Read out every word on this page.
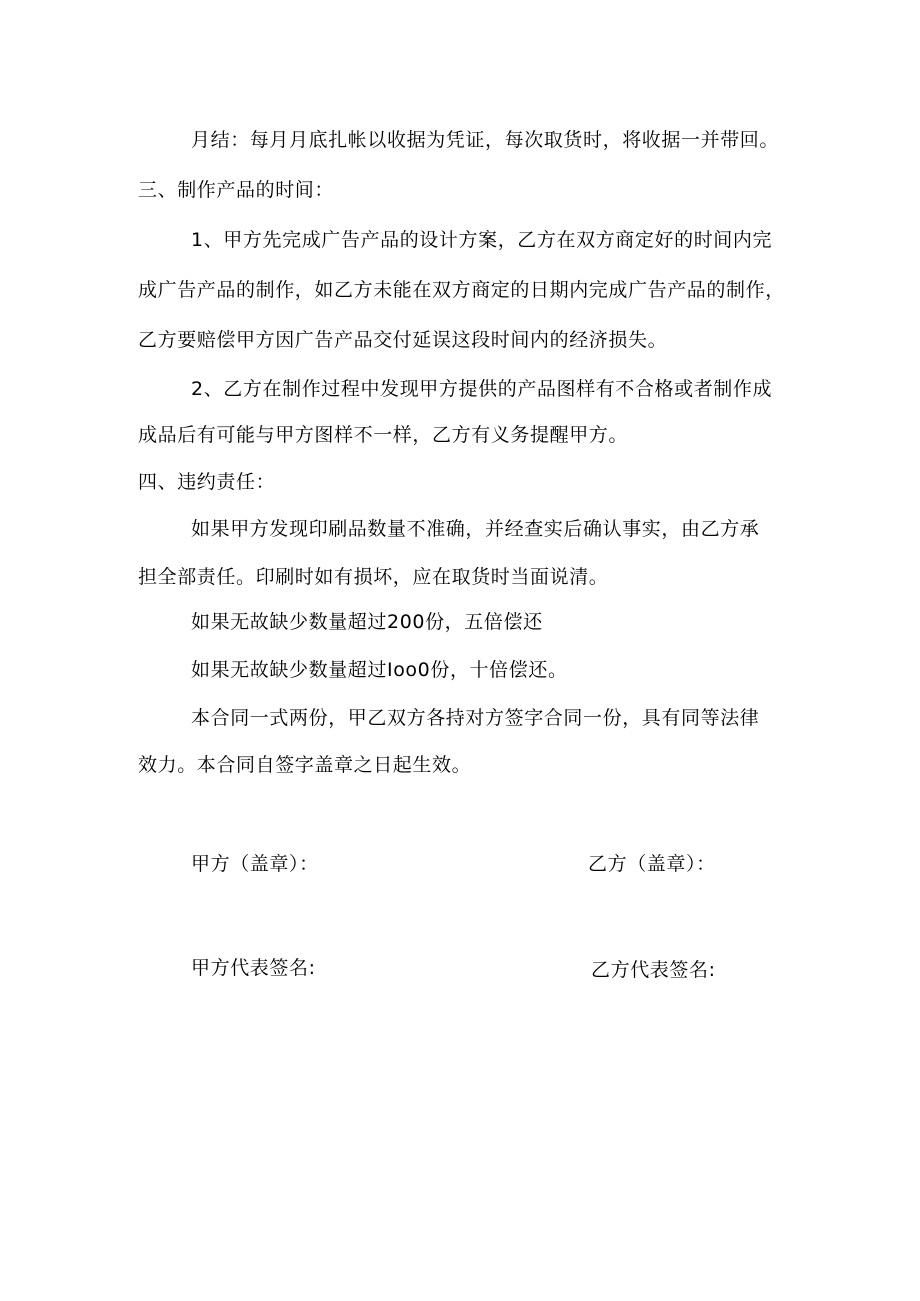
月结：每月月底扎帐以收据为凭证，每次取货时，将收据一并带回。
三、制作产品的时间：
1、甲方先完成广告产品的设计方案，乙方在双方商定好的时间内完
成广告产品的制作，如乙方未能在双方商定的日期内完成广告产品的制作，
乙方要赔偿甲方因广告产品交付延误这段时间内的经济损失。
2、乙方在制作过程中发现甲方提供的产品图样有不合格或者制作成
成品后有可能与甲方图样不一样，乙方有义务提醒甲方。
四、违约责任：
如果甲方发现印刷品数量不准确，并经查实后确认事实，由乙方承
担全部责任。印刷时如有损坏，应在取货时当面说清。
如果无故缺少数量超过200份，五倍偿还
如果无故缺少数量超过Ioo0份，十倍偿还。
本合同一式两份，甲乙双方各持对方签字合同一份，具有同等法律
效力。本合同自签字盖章之日起生效。
甲方（盖章）：	乙方（盖章）：
甲方代表签名:	乙方代表签名:
